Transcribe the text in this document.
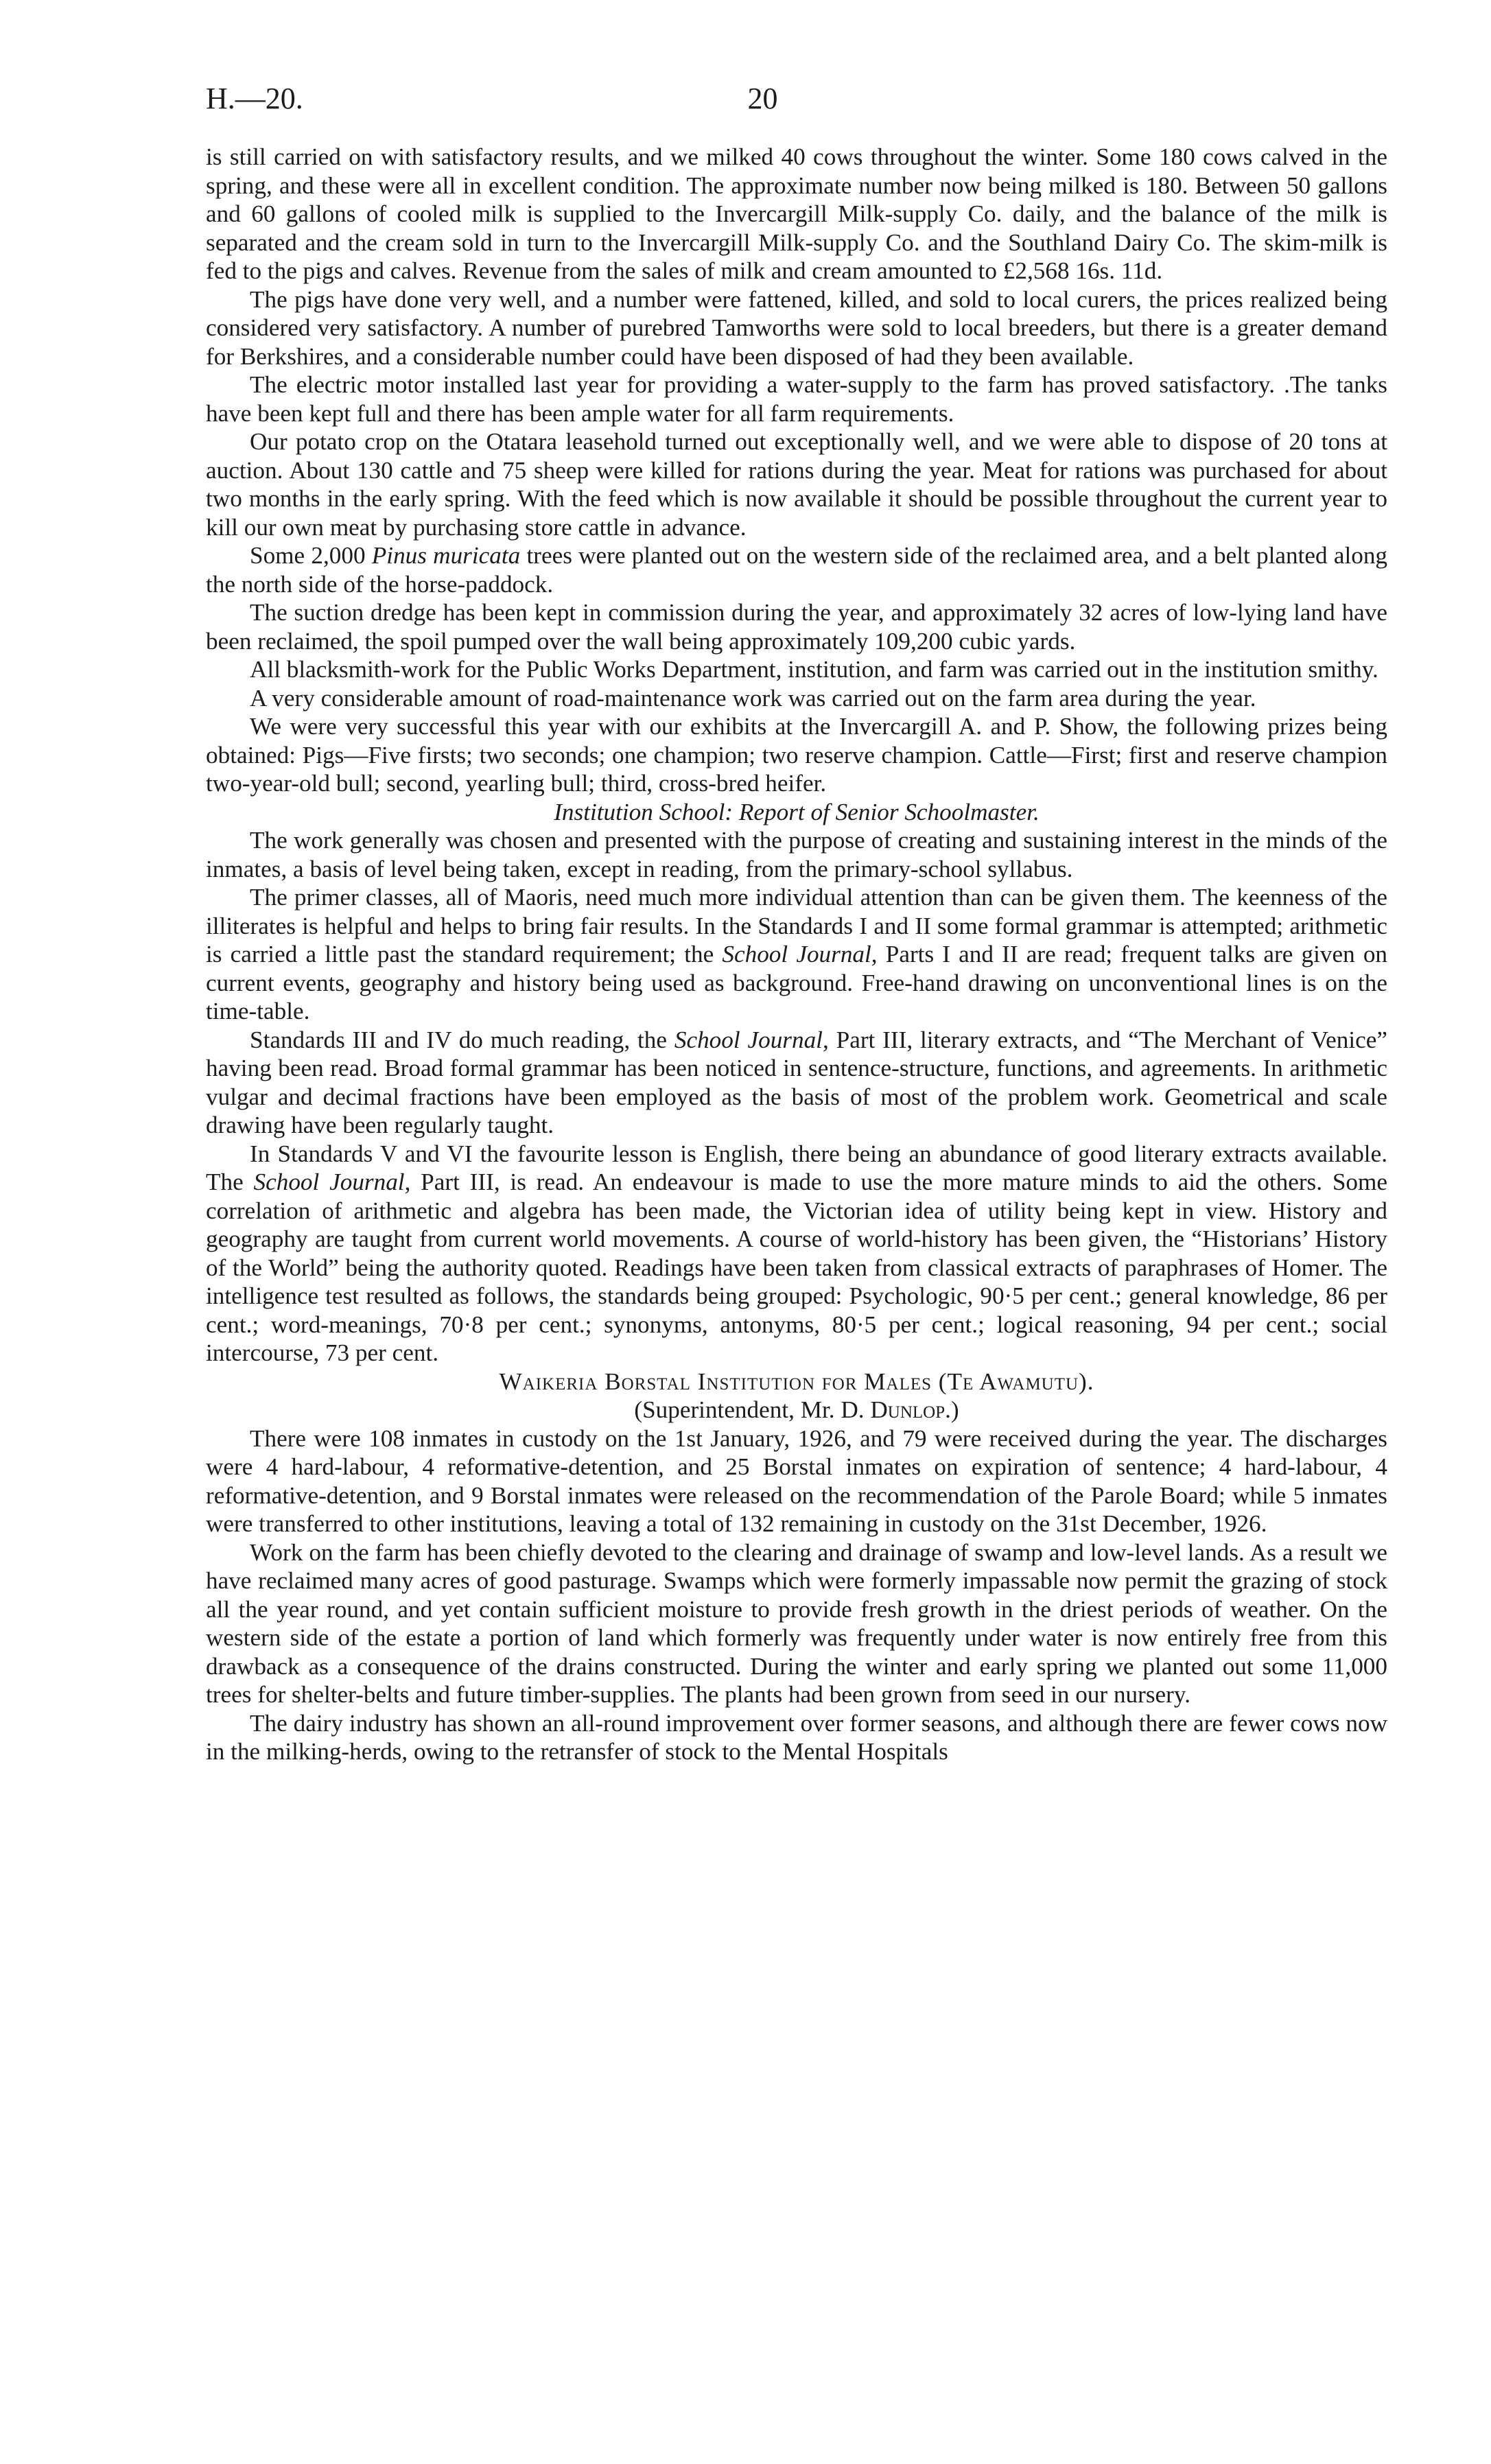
H.—20.	20

is still carried on with satisfactory results, and we milked 40 cows throughout the winter. Some 180 cows calved in the spring, and these were all in excellent condition. The approximate number now being milked is 180. Between 50 gallons and 60 gallons of cooled milk is supplied to the Invercargill Milk-supply Co. daily, and the balance of the milk is separated and the cream sold in turn to the Invercargill Milk-supply Co. and the Southland Dairy Co. The skim-milk is fed to the pigs and calves. Revenue from the sales of milk and cream amounted to £2,568 16s. 11d.

The pigs have done very well, and a number were fattened, killed, and sold to local curers, the prices realized being considered very satisfactory. A number of purebred Tamworths were sold to local breeders, but there is a greater demand for Berkshires, and a considerable number could have been disposed of had they been available.

The electric motor installed last year for providing a water-supply to the farm has proved satisfactory. .The tanks have been kept full and there has been ample water for all farm requirements.

Our potato crop on the Otatara leasehold turned out exceptionally well, and we were able to dispose of 20 tons at auction. About 130 cattle and 75 sheep were killed for rations during the year. Meat for rations was purchased for about two months in the early spring. With the feed which is now available it should be possible throughout the current year to kill our own meat by purchasing store cattle in advance.

Some 2,000 Pinus muricata trees were planted out on the western side of the reclaimed area, and a belt planted along the north side of the horse-paddock.

The suction dredge has been kept in commission during the year, and approximately 32 acres of low-lying land have been reclaimed, the spoil pumped over the wall being approximately 109,200 cubic yards.

All blacksmith-work for the Public Works Department, institution, and farm was carried out in the institution smithy.

A very considerable amount of road-maintenance work was carried out on the farm area during the year.

We were very successful this year with our exhibits at the Invercargill A. and P. Show, the following prizes being obtained: Pigs—Five firsts; two seconds; one champion; two reserve champion. Cattle—First; first and reserve champion two-year-old bull; second, yearling bull; third, cross-bred heifer.

Institution School: Report of Senior Schoolmaster.

The work generally was chosen and presented with the purpose of creating and sustaining interest in the minds of the inmates, a basis of level being taken, except in reading, from the primary-school syllabus.

The primer classes, all of Maoris, need much more individual attention than can be given them. The keenness of the illiterates is helpful and helps to bring fair results. In the Standards I and II some formal grammar is attempted; arithmetic is carried a little past the standard requirement; the School Journal, Parts I and II are read; frequent talks are given on current events, geography and history being used as background. Free-hand drawing on unconventional lines is on the time-table.

Standards III and IV do much reading, the School Journal, Part III, literary extracts, and “The Merchant of Venice” having been read. Broad formal grammar has been noticed in sentence-structure, functions, and agreements. In arithmetic vulgar and decimal fractions have been employed as the basis of most of the problem work. Geometrical and scale drawing have been regularly taught.

In Standards V and VI the favourite lesson is English, there being an abundance of good literary extracts available. The School Journal, Part III, is read. An endeavour is made to use the more mature minds to aid the others. Some correlation of arithmetic and algebra has been made, the Victorian idea of utility being kept in view. History and geography are taught from current world movements. A course of world-history has been given, the “Historians’ History of the World” being the authority quoted. Readings have been taken from classical extracts of paraphrases of Homer. The intelligence test resulted as follows, the standards being grouped: Psychologic, 90·5 per cent.; general knowledge, 86 per cent.; word-meanings, 70·8 per cent.; synonyms, antonyms, 80·5 per cent.; logical reasoning, 94 per cent.; social intercourse, 73 per cent.

Waikeria Borstal Institution for Males (Te Awamutu).

(Superintendent, Mr. D. Dunlop.)

There were 108 inmates in custody on the 1st January, 1926, and 79 were received during the year. The discharges were 4 hard-labour, 4 reformative-detention, and 25 Borstal inmates on expiration of sentence; 4 hard-labour, 4 reformative-detention, and 9 Borstal inmates were released on the recommendation of the Parole Board; while 5 inmates were transferred to other institutions, leaving a total of 132 remaining in custody on the 31st December, 1926.

Work on the farm has been chiefly devoted to the clearing and drainage of swamp and low-level lands. As a result we have reclaimed many acres of good pasturage. Swamps which were formerly impassable now permit the grazing of stock all the year round, and yet contain sufficient moisture to provide fresh growth in the driest periods of weather. On the western side of the estate a portion of land which formerly was frequently under water is now entirely free from this drawback as a consequence of the drains constructed. During the winter and early spring we planted out some 11,000 trees for shelter-belts and future timber-supplies. The plants had been grown from seed in our nursery.

The dairy industry has shown an all-round improvement over former seasons, and although there are fewer cows now in the milking-herds, owing to the retransfer of stock to the Mental Hospitals
